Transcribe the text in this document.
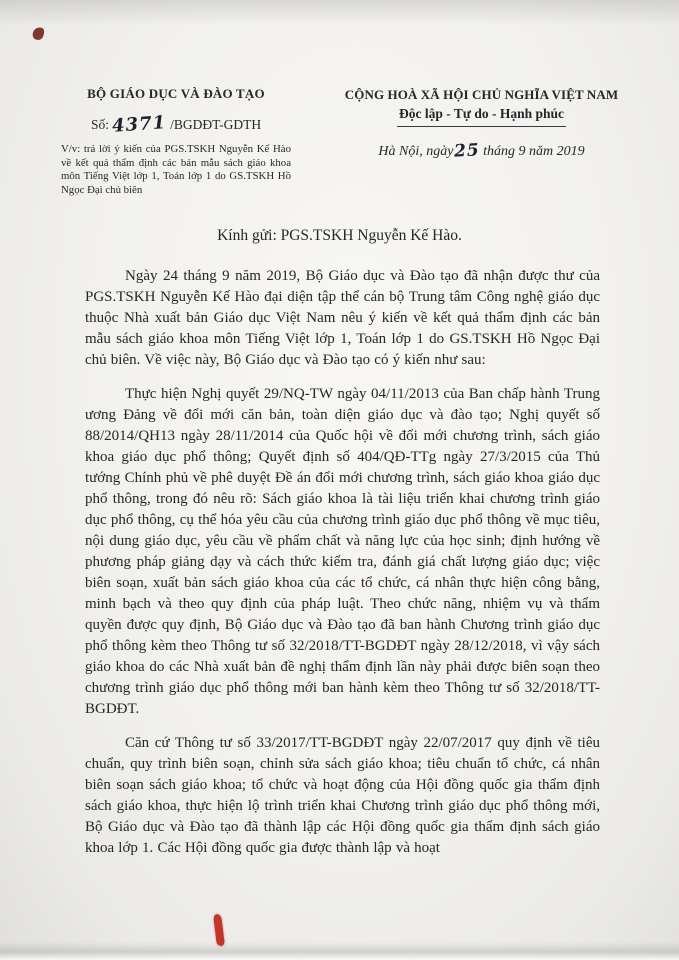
BỘ GIÁO DỤC VÀ ĐÀO TẠO
Số: 4371 /BGDĐT-GDTH
V/v: trả lời ý kiến của PGS.TSKH Nguyễn Kế Hào về kết quả thẩm định các bản mẫu sách giáo khoa môn Tiếng Việt lớp 1, Toán lớp 1 do GS.TSKH Hồ Ngọc Đại chủ biên
CỘNG HOÀ XÃ HỘI CHỦ NGHĨA VIỆT NAM
Độc lập - Tự do - Hạnh phúc
Hà Nội, ngày25 tháng 9 năm 2019
Kính gửi: PGS.TSKH Nguyễn Kế Hào.

Ngày 24 tháng 9 năm 2019, Bộ Giáo dục và Đào tạo đã nhận được thư của PGS.TSKH Nguyễn Kế Hào đại diện tập thể cán bộ Trung tâm Công nghệ giáo dục thuộc Nhà xuất bản Giáo dục Việt Nam nêu ý kiến về kết quả thẩm định các bản mẫu sách giáo khoa môn Tiếng Việt lớp 1, Toán lớp 1 do GS.TSKH Hồ Ngọc Đại chủ biên. Về việc này, Bộ Giáo dục và Đào tạo có ý kiến như sau:

Thực hiện Nghị quyết 29/NQ-TW ngày 04/11/2013 của Ban chấp hành Trung ương Đảng về đổi mới căn bản, toàn diện giáo dục và đào tạo; Nghị quyết số 88/2014/QH13 ngày 28/11/2014 của Quốc hội về đổi mới chương trình, sách giáo khoa giáo dục phổ thông; Quyết định số 404/QĐ-TTg ngày 27/3/2015 của Thủ tướng Chính phủ về phê duyệt Đề án đổi mới chương trình, sách giáo khoa giáo dục phổ thông, trong đó nêu rõ: Sách giáo khoa là tài liệu triển khai chương trình giáo dục phổ thông, cụ thể hóa yêu cầu của chương trình giáo dục phổ thông về mục tiêu, nội dung giáo dục, yêu cầu về phẩm chất và năng lực của học sinh; định hướng về phương pháp giảng dạy và cách thức kiểm tra, đánh giá chất lượng giáo dục; việc biên soạn, xuất bản sách giáo khoa của các tổ chức, cá nhân thực hiện công bằng, minh bạch và theo quy định của pháp luật. Theo chức năng, nhiệm vụ và thẩm quyền được quy định, Bộ Giáo dục và Đào tạo đã ban hành Chương trình giáo dục phổ thông kèm theo Thông tư số 32/2018/TT-BGDĐT ngày 28/12/2018, vì vậy sách giáo khoa do các Nhà xuất bản đề nghị thẩm định lần này phải được biên soạn theo chương trình giáo dục phổ thông mới ban hành kèm theo Thông tư số 32/2018/TT-BGDĐT.

Căn cứ Thông tư số 33/2017/TT-BGDĐT ngày 22/07/2017 quy định về tiêu chuẩn, quy trình biên soạn, chỉnh sửa sách giáo khoa; tiêu chuẩn tổ chức, cá nhân biên soạn sách giáo khoa; tổ chức và hoạt động của Hội đồng quốc gia thẩm định sách giáo khoa, thực hiện lộ trình triển khai Chương trình giáo dục phổ thông mới, Bộ Giáo dục và Đào tạo đã thành lập các Hội đồng quốc gia thẩm định sách giáo khoa lớp 1. Các Hội đồng quốc gia được thành lập và hoạt
